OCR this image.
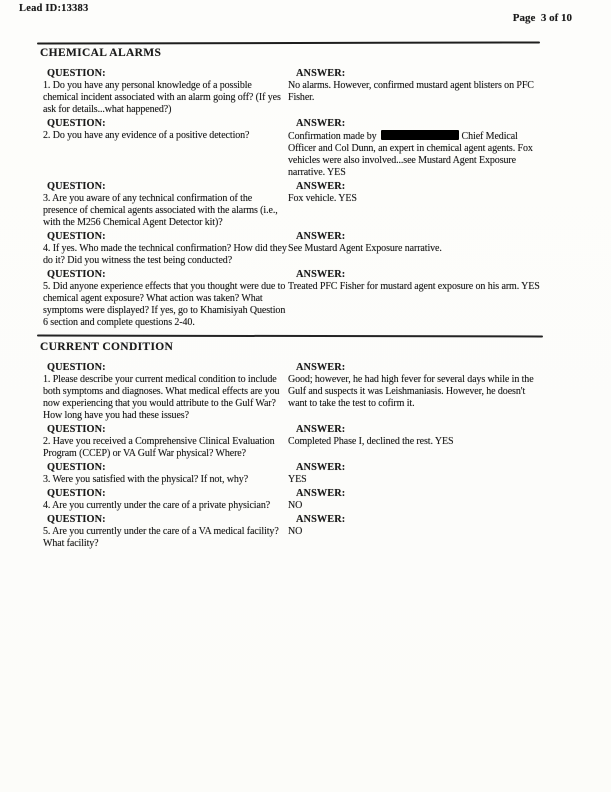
Lead ID:13383
Page  3 of 10
CHEMICAL ALARMS
QUESTION:
1. Do you have any personal knowledge of a possible chemical incident associated with an alarm going off? (If yes ask for details...what happened?)
ANSWER:
No alarms. However, confirmed mustard agent blisters on PFC Fisher.
QUESTION:
2. Do you have any evidence of a positive detection?
ANSWER:
Confirmation made by	Chief Medical Officer and Col Dunn, an expert in chemical agent agents. Fox vehicles were also involved...see Mustard Agent Exposure narrative. YES
QUESTION:
3. Are you aware of any technical confirmation of the presence of chemical agents associated with the alarms (i.e., with the M256 Chemical Agent Detector kit)?
ANSWER:
Fox vehicle. YES
QUESTION:
4. If yes. Who made the technical confirmation? How did they do it? Did you witness the test being conducted?
ANSWER:
See Mustard Agent Exposure narrative.
QUESTION:
5. Did anyone experience effects that you thought were due to chemical agent exposure? What action was taken? What symptoms were displayed? If yes, go to Khamisiyah Question 6 section and complete questions 2-40.
ANSWER:
Treated PFC Fisher for mustard agent exposure on his arm. YES
CURRENT CONDITION
QUESTION:
1. Please describe your current medical condition to include both symptoms and diagnoses. What medical effects are you now experiencing that you would attribute to the Gulf War? How long have you had these issues?
ANSWER:
Good; however, he had high fever for several days while in the Gulf and suspects it was Leishmaniasis. However, he doesn't want to take the test to cofirm it.
QUESTION:
2. Have you received a Comprehensive Clinical Evaluation Program (CCEP) or VA Gulf War physical? Where?
ANSWER:
Completed Phase I, declined the rest. YES
QUESTION:
3. Were you satisfied with the physical? If not, why?
ANSWER:
YES
QUESTION:
4. Are you currently under the care of a private physician?
ANSWER:
NO
QUESTION:
5. Are you currently under the care of a VA medical facility? What facility?
ANSWER:
NO
